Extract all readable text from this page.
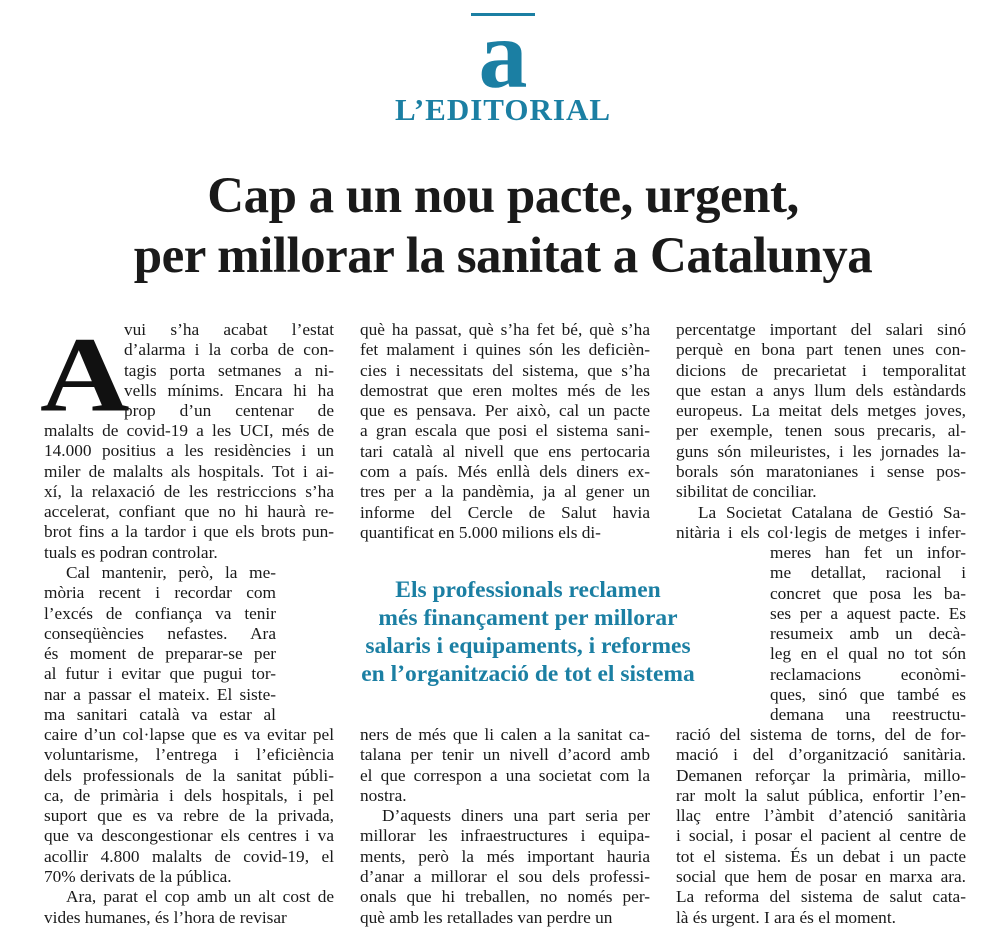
a
L’EDITORIAL
Cap a un nou pacte, urgent,
per millorar la sanitat a Catalunya
A
vui s’ha acabat l’estat
d’alarma i la corba de con-
tagis porta setmanes a ni-
vells mínims. Encara hi ha
prop d’un centenar de
malalts de covid-19 a les UCI, més de
14.000 positius a les residències i un
miler de malalts als hospitals. Tot i ai-
xí, la relaxació de les restriccions s’ha
accelerat, confiant que no hi haurà re-
brot fins a la tardor i que els brots pun-
tuals es podran controlar.
Cal mantenir, però, la me-
mòria recent i recordar com
l’excés de confiança va tenir
conseqüències nefastes. Ara
és moment de preparar-se per
al futur i evitar que pugui tor-
nar a passar el mateix. El siste-
ma sanitari català va estar al
caire d’un col·lapse que es va evitar pel
voluntarisme, l’entrega i l’eficiència
dels professionals de la sanitat públi-
ca, de primària i dels hospitals, i pel
suport que es va rebre de la privada,
que va descongestionar els centres i va
acollir 4.800 malalts de covid-19, el
70% derivats de la pública.
Ara, parat el cop amb un alt cost de
vides humanes, és l’hora de revisar
què ha passat, què s’ha fet bé, què s’ha
fet malament i quines són les deficièn-
cies i necessitats del sistema, que s’ha
demostrat que eren moltes més de les
que es pensava. Per això, cal un pacte
a gran escala que posi el sistema sani-
tari català al nivell que ens pertocaria
com a país. Més enllà dels diners ex-
tres per a la pandèmia, ja al gener un
informe del Cercle de Salut havia
quantificat en 5.000 milions els di-
ners de més que li calen a la sanitat ca-
talana per tenir un nivell d’acord amb
el que correspon a una societat com la
nostra.
D’aquests diners una part seria per
millorar les infraestructures i equipa-
ments, però la més important hauria
d’anar a millorar el sou dels professi-
onals que hi treballen, no només per-
què amb les retallades van perdre un
percentatge important del salari sinó
perquè en bona part tenen unes con-
dicions de precarietat i temporalitat
que estan a anys llum dels estàndards
europeus. La meitat dels metges joves,
per exemple, tenen sous precaris, al-
guns són mileuristes, i les jornades la-
borals són maratonianes i sense pos-
sibilitat de conciliar.
La Societat Catalana de Gestió Sa-
nitària i els col·legis de metges i infer-
meres han fet un infor-
me detallat, racional i
concret que posa les ba-
ses per a aquest pacte. Es
resumeix amb un decà-
leg en el qual no tot són
reclamacions econòmi-
ques, sinó que també es
demana una reestructu-
ració del sistema de torns, del de for-
mació i del d’organització sanitària.
Demanen reforçar la primària, millo-
rar molt la salut pública, enfortir l’en-
llaç entre l’àmbit d’atenció sanitària
i social, i posar el pacient al centre de
tot el sistema. És un debat i un pacte
social que hem de posar en marxa ara.
La reforma del sistema de salut cata-
là és urgent. I ara és el moment.
Els professionals reclamen
més finançament per millorar
salaris i equipaments, i reformes
en l’organització de tot el sistema
